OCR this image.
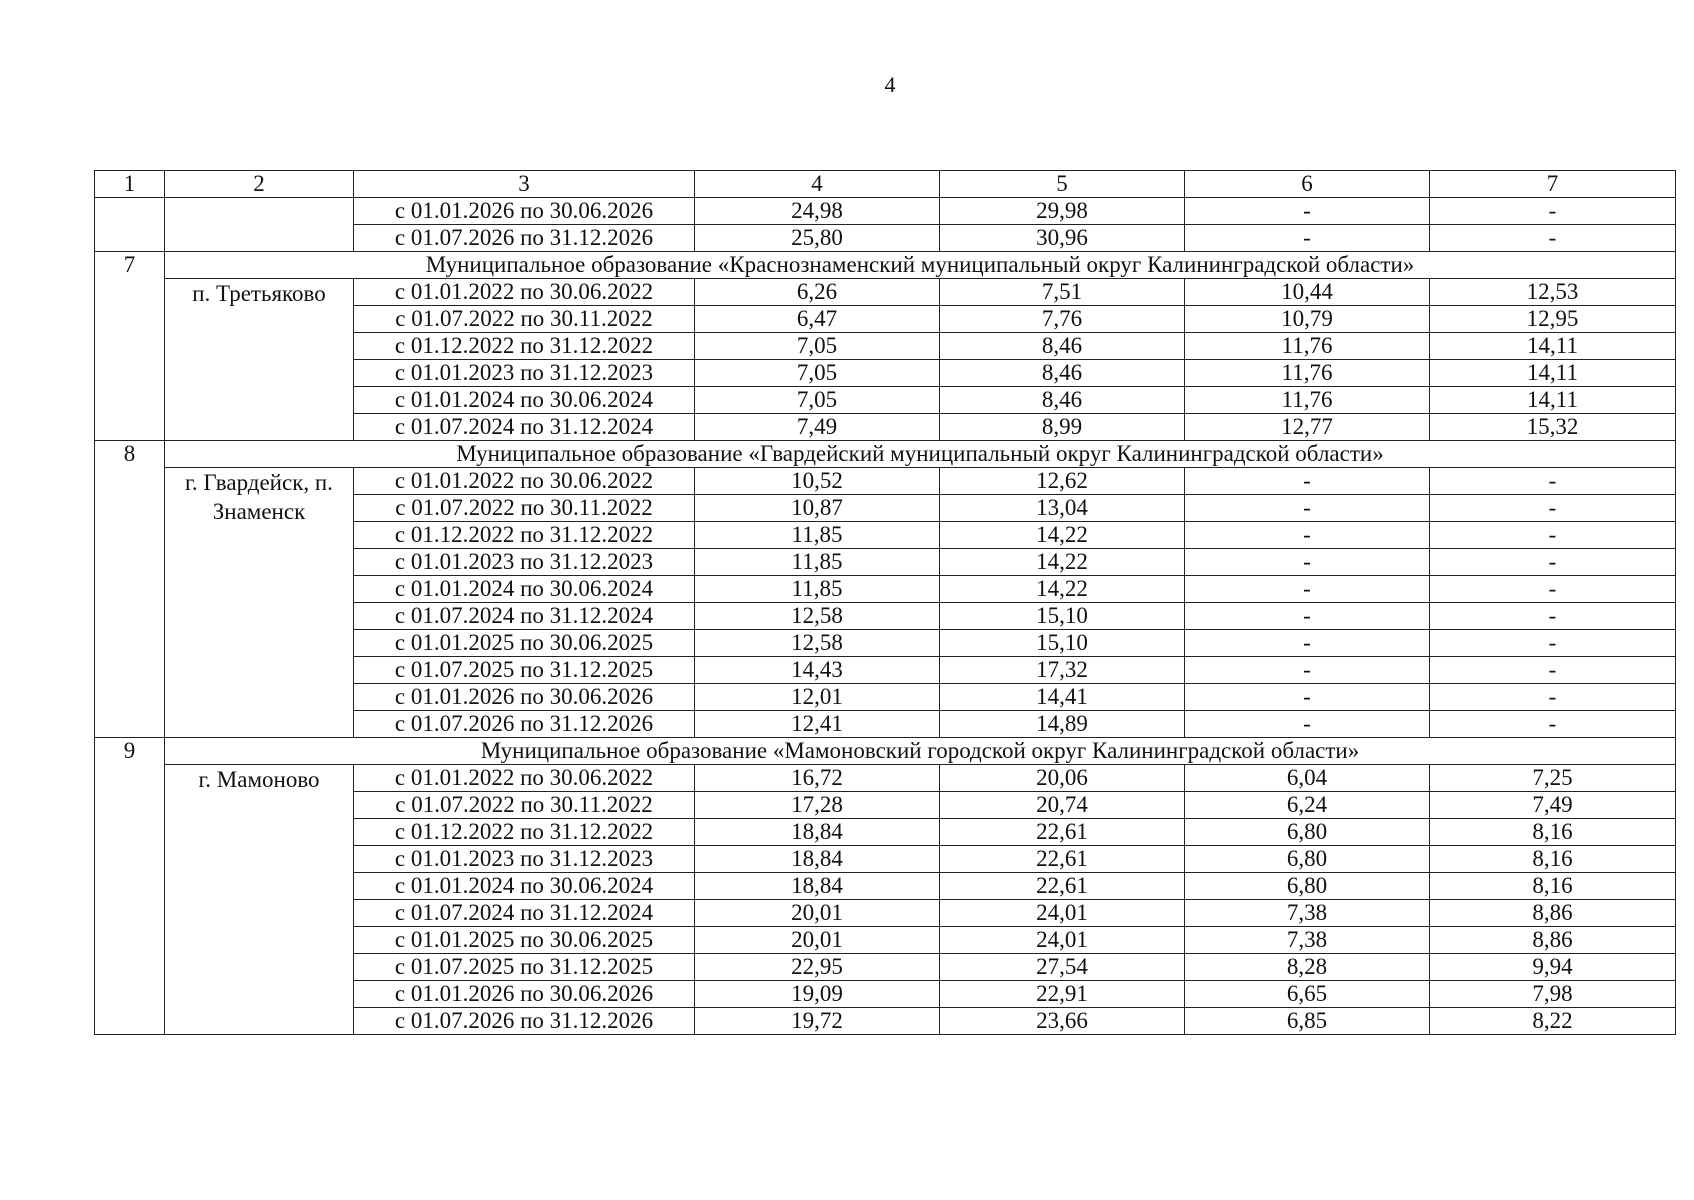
4
1	2	3	4	5	6	7
		с 01.01.2026 по 30.06.2026	24,98	29,98	-	-
		с 01.07.2026 по 31.12.2026	25,80	30,96	-	-
7	Муниципальное образование «Краснознаменский муниципальный округ Калининградской области»					
	п. Третьяково	с 01.01.2022 по 30.06.2022	6,26	7,51	10,44	12,53
		с 01.07.2022 по 30.11.2022	6,47	7,76	10,79	12,95
		с 01.12.2022 по 31.12.2022	7,05	8,46	11,76	14,11
		с 01.01.2023 по 31.12.2023	7,05	8,46	11,76	14,11
		с 01.01.2024 по 30.06.2024	7,05	8,46	11,76	14,11
		с 01.07.2024 по 31.12.2024	7,49	8,99	12,77	15,32
8	Муниципальное образование «Гвардейский муниципальный округ Калининградской области»					
	г. Гвардейск, п. Знаменск	с 01.01.2022 по 30.06.2022	10,52	12,62	-	-
		с 01.07.2022 по 30.11.2022	10,87	13,04	-	-
		с 01.12.2022 по 31.12.2022	11,85	14,22	-	-
		с 01.01.2023 по 31.12.2023	11,85	14,22	-	-
		с 01.01.2024 по 30.06.2024	11,85	14,22	-	-
		с 01.07.2024 по 31.12.2024	12,58	15,10	-	-
		с 01.01.2025 по 30.06.2025	12,58	15,10	-	-
		с 01.07.2025 по 31.12.2025	14,43	17,32	-	-
		с 01.01.2026 по 30.06.2026	12,01	14,41	-	-
		с 01.07.2026 по 31.12.2026	12,41	14,89	-	-
9	Муниципальное образование «Мамоновский городской округ Калининградской области»					
	г. Мамоново	с 01.01.2022 по 30.06.2022	16,72	20,06	6,04	7,25
		с 01.07.2022 по 30.11.2022	17,28	20,74	6,24	7,49
		с 01.12.2022 по 31.12.2022	18,84	22,61	6,80	8,16
		с 01.01.2023 по 31.12.2023	18,84	22,61	6,80	8,16
		с 01.01.2024 по 30.06.2024	18,84	22,61	6,80	8,16
		с 01.07.2024 по 31.12.2024	20,01	24,01	7,38	8,86
		с 01.01.2025 по 30.06.2025	20,01	24,01	7,38	8,86
		с 01.07.2025 по 31.12.2025	22,95	27,54	8,28	9,94
		с 01.01.2026 по 30.06.2026	19,09	22,91	6,65	7,98
		с 01.07.2026 по 31.12.2026	19,72	23,66	6,85	8,22
